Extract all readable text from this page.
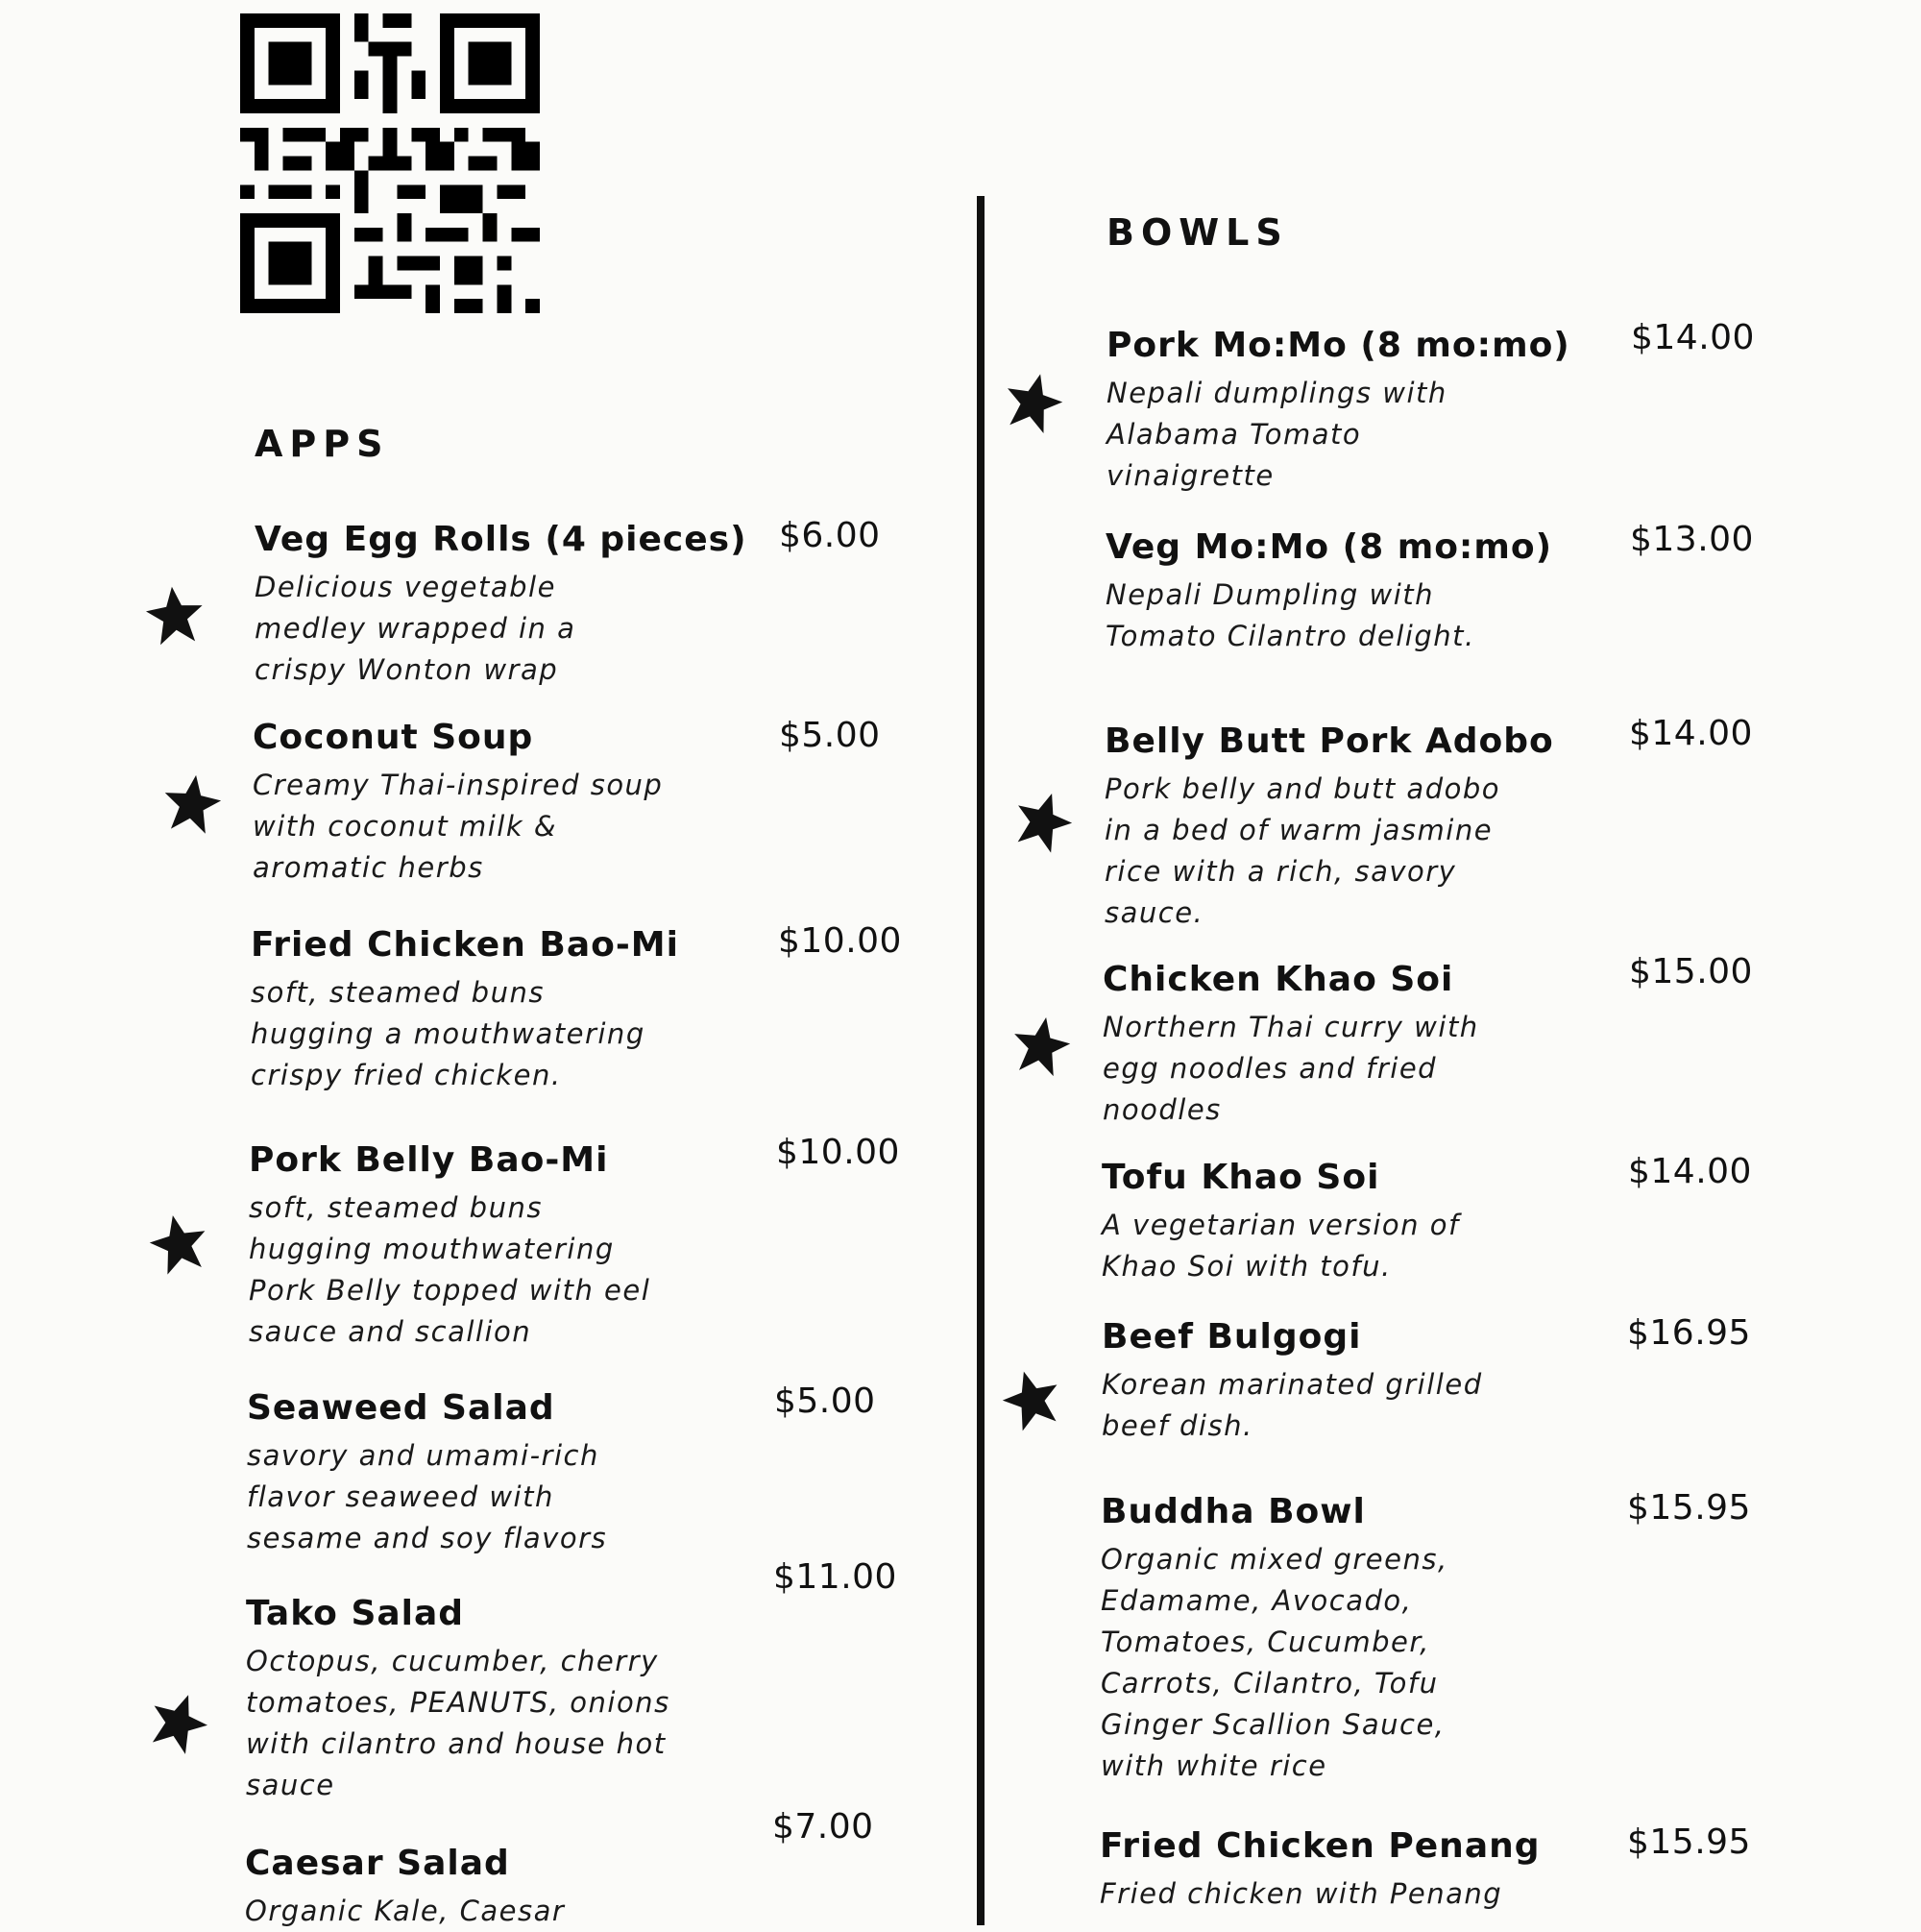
APPS
Veg Egg Rolls (4 pieces)
Delicious vegetable
medley wrapped in a
crispy Wonton wrap
$6.00
Coconut Soup
Creamy Thai-inspired soup
with coconut milk &
aromatic herbs
$5.00
Fried Chicken Bao-Mi
soft, steamed buns
hugging a mouthwatering
crispy fried chicken.
$10.00
Pork Belly Bao-Mi
soft, steamed buns
hugging mouthwatering
Pork Belly topped with eel
sauce and scallion
$10.00
Seaweed Salad
savory and umami-rich
flavor seaweed with
sesame and soy flavors
$5.00
Tako Salad
Octopus, cucumber, cherry
tomatoes, PEANUTS, onions
with cilantro and house hot
sauce
$11.00
Caesar Salad
Organic Kale, Caesar
$7.00
BOWLS
Pork Mo:Mo (8 mo:mo)
Nepali dumplings with
Alabama Tomato
vinaigrette
$14.00
Veg Mo:Mo (8 mo:mo)
Nepali Dumpling with
Tomato Cilantro delight.
$13.00
Belly Butt Pork Adobo
Pork belly and butt adobo
in a bed of warm jasmine
rice with a rich, savory
sauce.
$14.00
Chicken Khao Soi
Northern Thai curry with
egg noodles and fried
noodles
$15.00
Tofu Khao Soi
A vegetarian version of
Khao Soi with tofu.
$14.00
Beef Bulgogi
Korean marinated grilled
beef dish.
$16.95
Buddha Bowl
Organic mixed greens,
Edamame, Avocado,
Tomatoes, Cucumber,
Carrots, Cilantro, Tofu
Ginger Scallion Sauce,
with white rice
$15.95
Fried Chicken Penang
Fried chicken with Penang
$15.95
